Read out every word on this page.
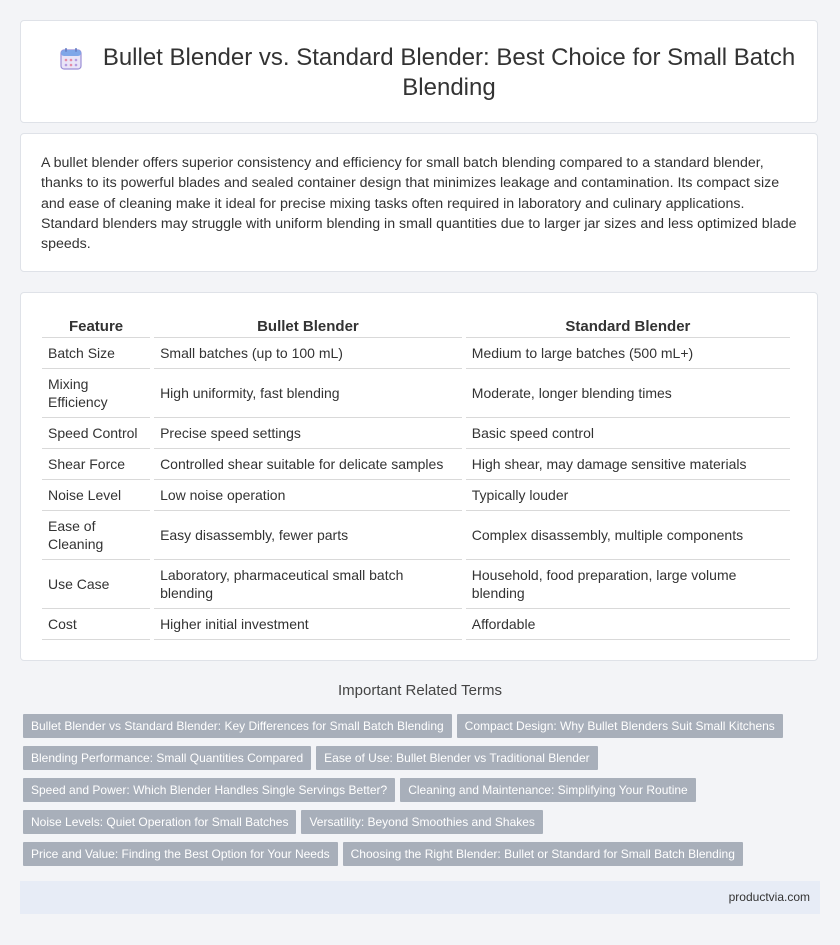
Bullet Blender vs. Standard Blender: Best Choice for Small Batch Blending
A bullet blender offers superior consistency and efficiency for small batch blending compared to a standard blender, thanks to its powerful blades and sealed container design that minimizes leakage and contamination. Its compact size and ease of cleaning make it ideal for precise mixing tasks often required in laboratory and culinary applications. Standard blenders may struggle with uniform blending in small quantities due to larger jar sizes and less optimized blade speeds.
Feature	Bullet Blender	Standard Blender
Batch Size	Small batches (up to 100 mL)	Medium to large batches (500 mL+)
Mixing Efficiency	High uniformity, fast blending	Moderate, longer blending times
Speed Control	Precise speed settings	Basic speed control
Shear Force	Controlled shear suitable for delicate samples	High shear, may damage sensitive materials
Noise Level	Low noise operation	Typically louder
Ease of Cleaning	Easy disassembly, fewer parts	Complex disassembly, multiple components
Use Case	Laboratory, pharmaceutical small batch blending	Household, food preparation, large volume blending
Cost	Higher initial investment	Affordable
Important Related Terms
Bullet Blender vs Standard Blender: Key Differences for Small Batch Blending Compact Design: Why Bullet Blenders Suit Small Kitchens
Blending Performance: Small Quantities Compared Ease of Use: Bullet Blender vs Traditional Blender
Speed and Power: Which Blender Handles Single Servings Better? Cleaning and Maintenance: Simplifying Your Routine
Noise Levels: Quiet Operation for Small Batches Versatility: Beyond Smoothies and Shakes
Price and Value: Finding the Best Option for Your Needs Choosing the Right Blender: Bullet or Standard for Small Batch Blending
productvia.com
